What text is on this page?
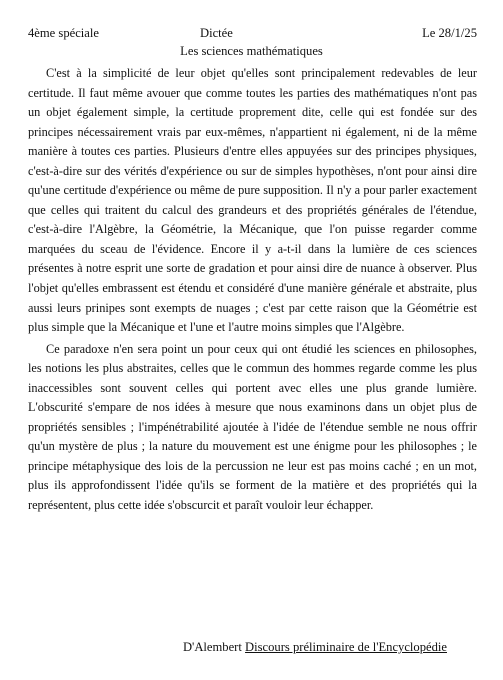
4ème spéciale	Dictée	Le 28/1/25
Les sciences mathématiques

C'est à la simplicité de leur objet qu'elles sont principalement redevables de leur certitude. Il faut même avouer que comme toutes les parties des mathématiques n'ont pas un objet également simple, la certitude proprement dite, celle qui est fondée sur des principes nécessairement vrais par eux-mêmes, n'appartient ni également, ni de la même manière à toutes ces parties. Plusieurs d'entre elles appuyées sur des principes physiques, c'est-à-dire sur des vérités d'expérience ou sur de simples hypothèses, n'ont pour ainsi dire qu'une certitude d'expérience ou même de pure supposition. Il n'y a pour parler exactement que celles qui traitent du calcul des grandeurs et des propriétés générales de l'étendue, c'est-à-dire l'Algèbre, la Géométrie, la Mécanique, que l'on puisse regarder comme marquées du sceau de l'évidence. Encore il y a-t-il dans la lumière de ces sciences présentes à notre esprit une sorte de gradation et pour ainsi dire de nuance à observer. Plus l'objet qu'elles embrassent est étendu et considéré d'une manière générale et abstraite, plus aussi leurs prinipes sont exempts de nuages ; c'est par cette raison que la Géométrie est plus simple que la Mécanique et l'une et l'autre moins simples que l'Algèbre.

Ce paradoxe n'en sera point un pour ceux qui ont étudié les sciences en philosophes, les notions les plus abstraites, celles que le commun des hommes regarde comme les plus inaccessibles sont souvent celles qui portent avec elles une plus grande lumière. L'obscurité s'empare de nos idées à mesure que nous examinons dans un objet plus de propriétés sensibles ; l'impénétrabilité ajoutée à l'idée de l'étendue semble ne nous offrir qu'un mystère de plus ; la nature du mouvement est une énigme pour les philosophes ; le principe métaphysique des lois de la percussion ne leur est pas moins caché ; en un mot, plus ils approfondissent l'idée qu'ils se forment de la matière et des propriétés qui la représentent, plus cette idée s'obscurcit et paraît vouloir leur échapper.

D'Alembert Discours préliminaire de l'Encyclopédie
